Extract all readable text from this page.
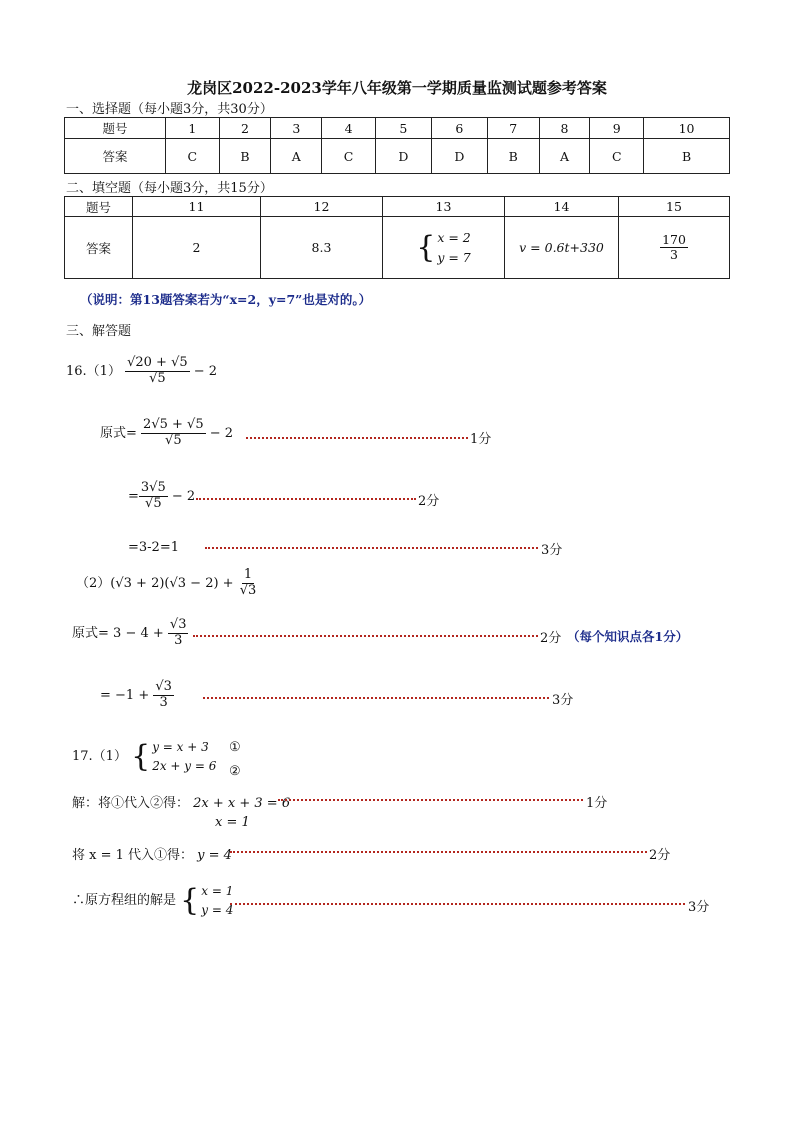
龙岗区2022-2023学年八年级第一学期质量监测试题参考答案
一、选择题（每小题3分，共30分）
题号	1	2	3	4	5	6	7	8	9	10
答案	C	B	A	C	D	D	B	A	C	B
二、填空题（每小题3分，共15分）
题号	11	12	13	14	15
答案	2	8.3	{ x = 2
y = 7	v = 0.6t+330	$\frac{170}{3}$
（说明：第13题答案若为“x=2，y=7”也是对的。）
三、解答题
$16.(1) \frac{√20 + √5}{√5} - 2$
原式= $\frac{2√5 + √5}{√5} - 2$	1分
= $\frac{3√5}{√5} - 2$	2分
=3-2=1	3分
$(2)(√3 + 2)(√3 - 2) + \frac{1}{√3}$
原式= $3 - 4 + \frac{√3}{3}$	2分 （每个知识点各1分）
= $-1 + \frac{√3}{3}$	3分
17.（1） { y = x + 3
2x + y = 6
①
②
解：将①代入②得： 2x + x + 3 = 6	1分
x = 1
将 x = 1 代入①得： y = 4	2分
∴原方程组的解是 { x = 1
y = 4	3分
